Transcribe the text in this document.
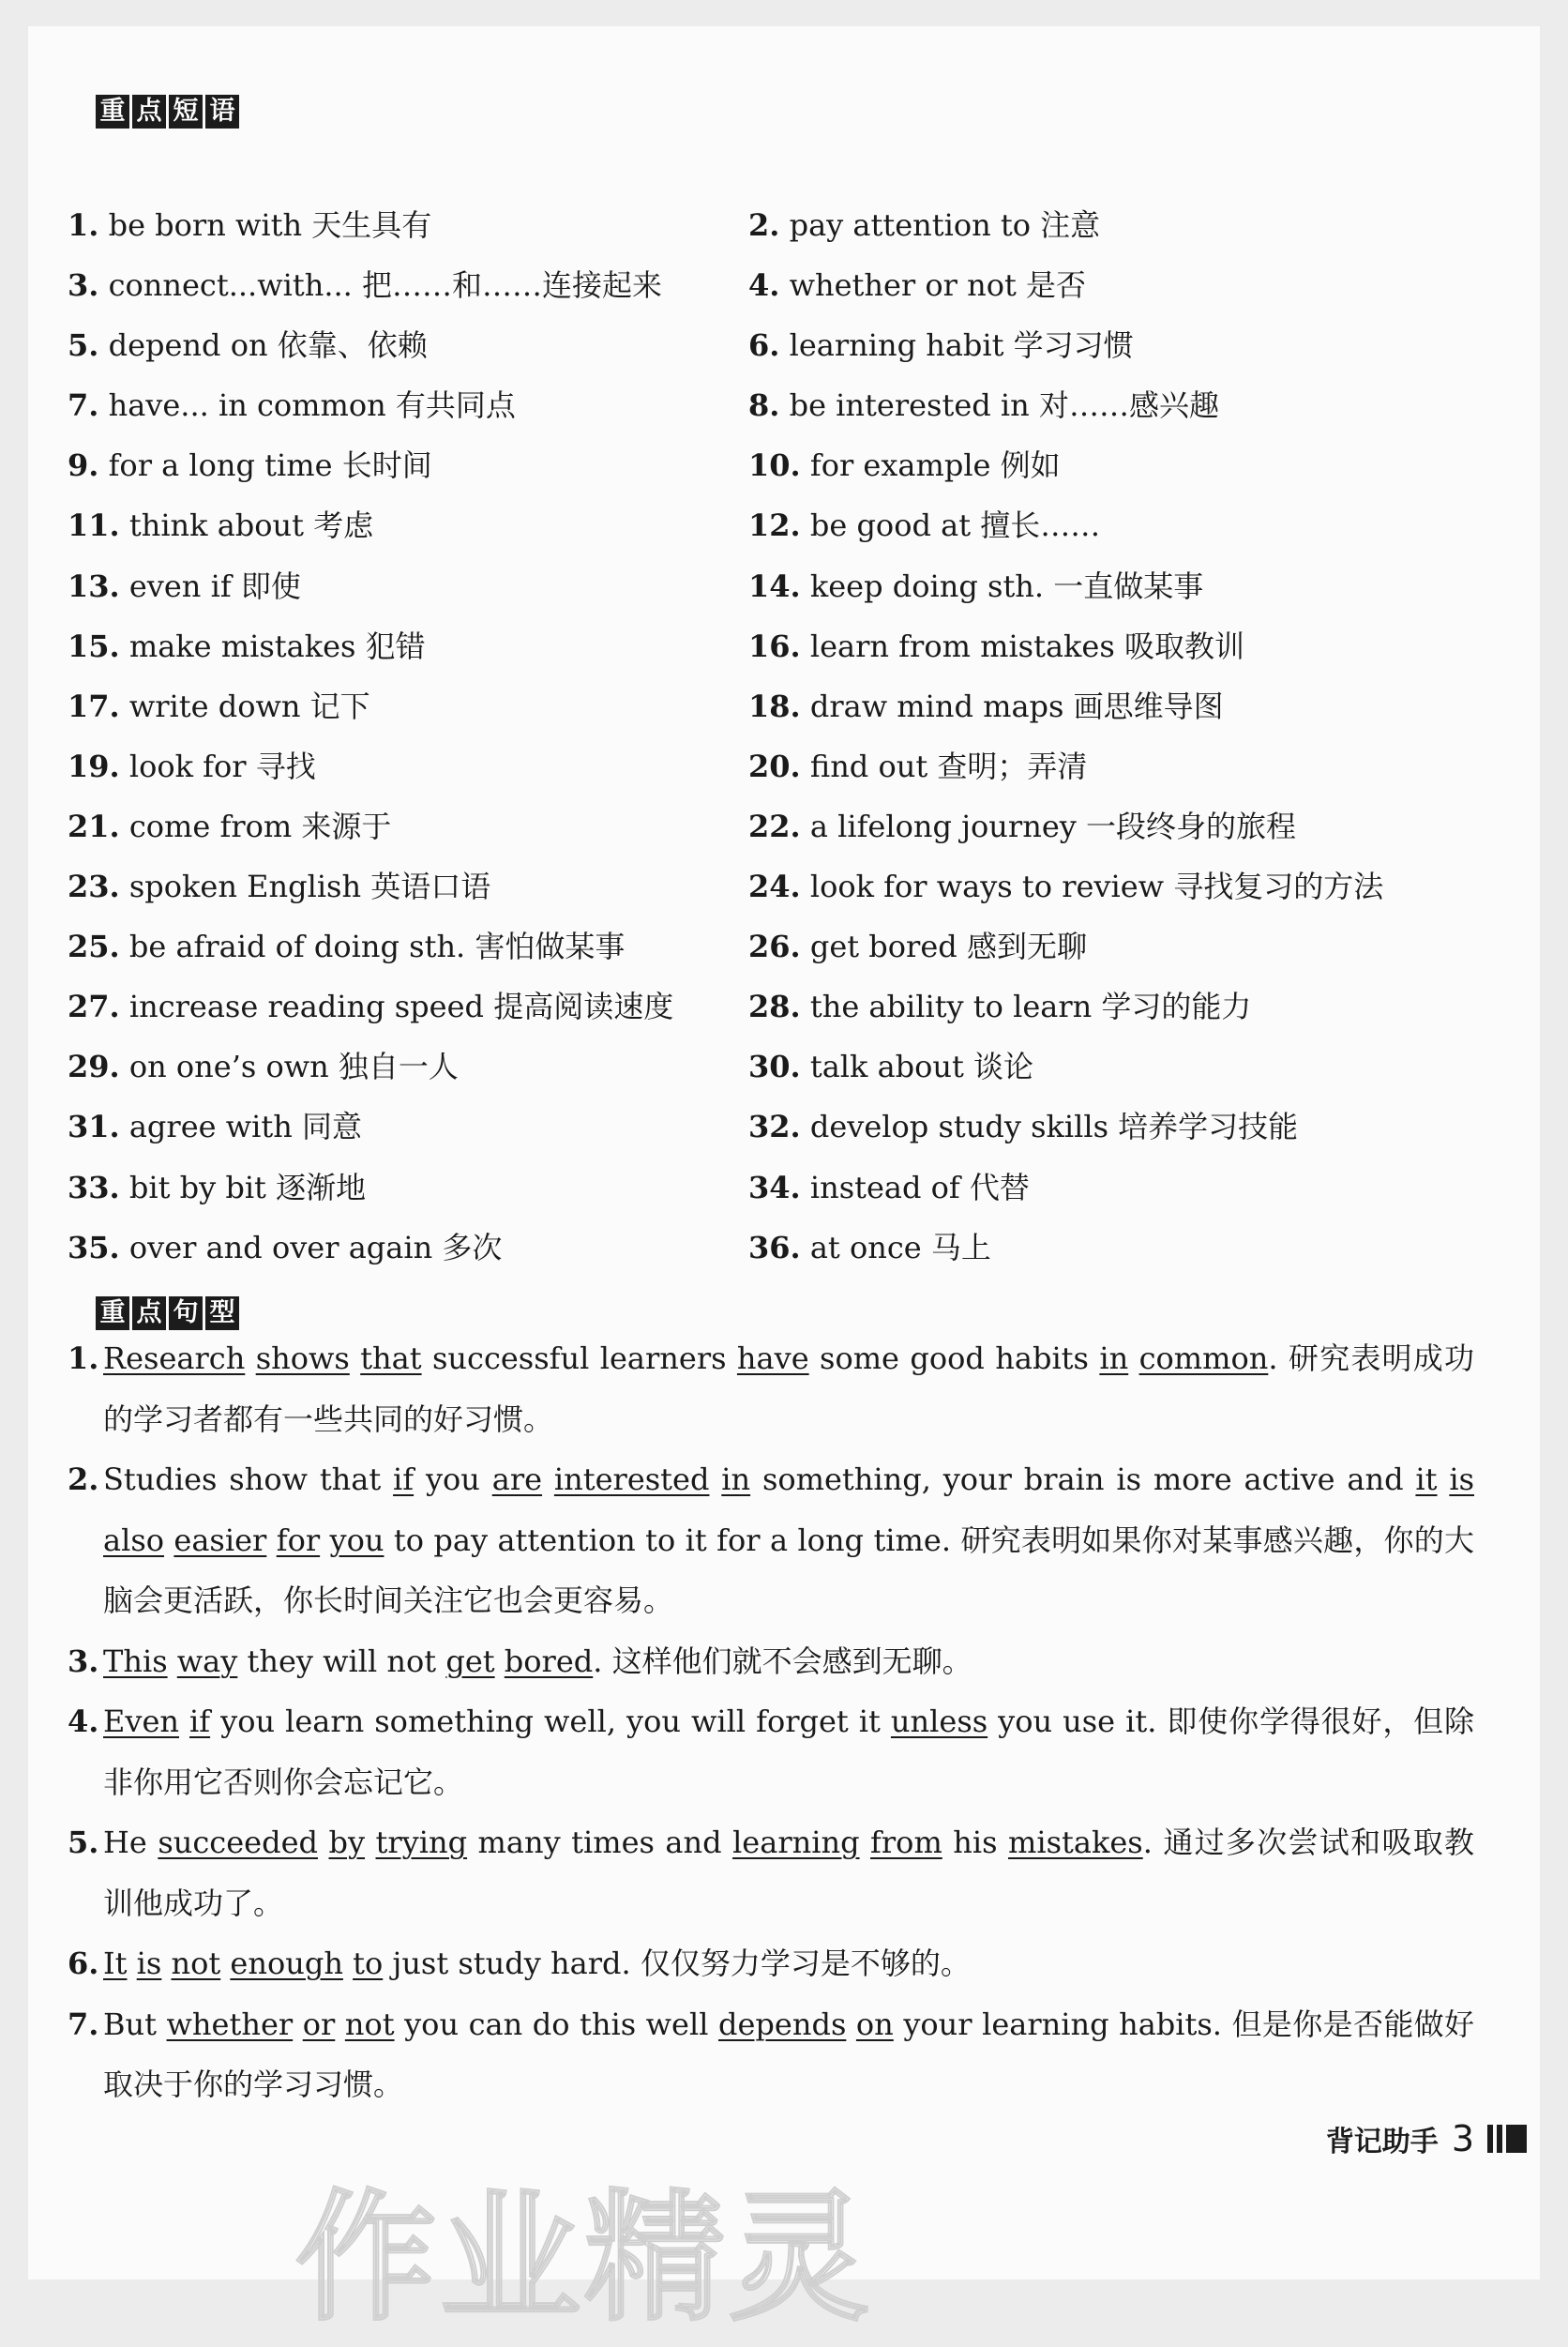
重 点 短 语
重 点 句 型
作业精灵
1. be born with 天生具有	2. pay attention to 注意
3. connect...with... 把……和……连接起来	4. whether or not 是否
5. depend on 依靠、依赖	6. learning habit 学习习惯
7. have... in common 有共同点	8. be interested in 对……感兴趣
9. for a long time 长时间	10. for example 例如
11. think about 考虑	12. be good at 擅长……
13. even if 即使	14. keep doing sth. 一直做某事
15. make mistakes 犯错	16. learn from mistakes 吸取教训
17. write down 记下	18. draw mind maps 画思维导图
19. look for 寻找	20. find out 查明；弄清
21. come from 来源于	22. a lifelong journey 一段终身的旅程
23. spoken English 英语口语	24. look for ways to review 寻找复习的方法
25. be afraid of doing sth. 害怕做某事	26. get bored 感到无聊
27. increase reading speed 提高阅读速度	28. the ability to learn 学习的能力
29. on one’s own 独自一人	30. talk about 谈论
31. agree with 同意	32. develop study skills 培养学习技能
33. bit by bit 逐渐地	34. instead of 代替
35. over and over again 多次	36. at once 马上
1. Research shows that successful learners have some good habits in common. 研究表明成功的学习者都有一些共同的好习惯。
2. Studies show that if you are interested in something, your brain is more active and it is also easier for you to pay attention to it for a long time. 研究表明如果你对某事感兴趣，你的大脑会更活跃，你长时间关注它也会更容易。
3. This way they will not get bored. 这样他们就不会感到无聊。
4. Even if you learn something well, you will forget it unless you use it. 即使你学得很好，但除非你用它否则你会忘记它。
5. He succeeded by trying many times and learning from his mistakes. 通过多次尝试和吸取教训他成功了。
6. It is not enough to just study hard. 仅仅努力学习是不够的。
7. But whether or not you can do this well depends on your learning habits. 但是你是否能做好取决于你的学习习惯。
背记助手 3
